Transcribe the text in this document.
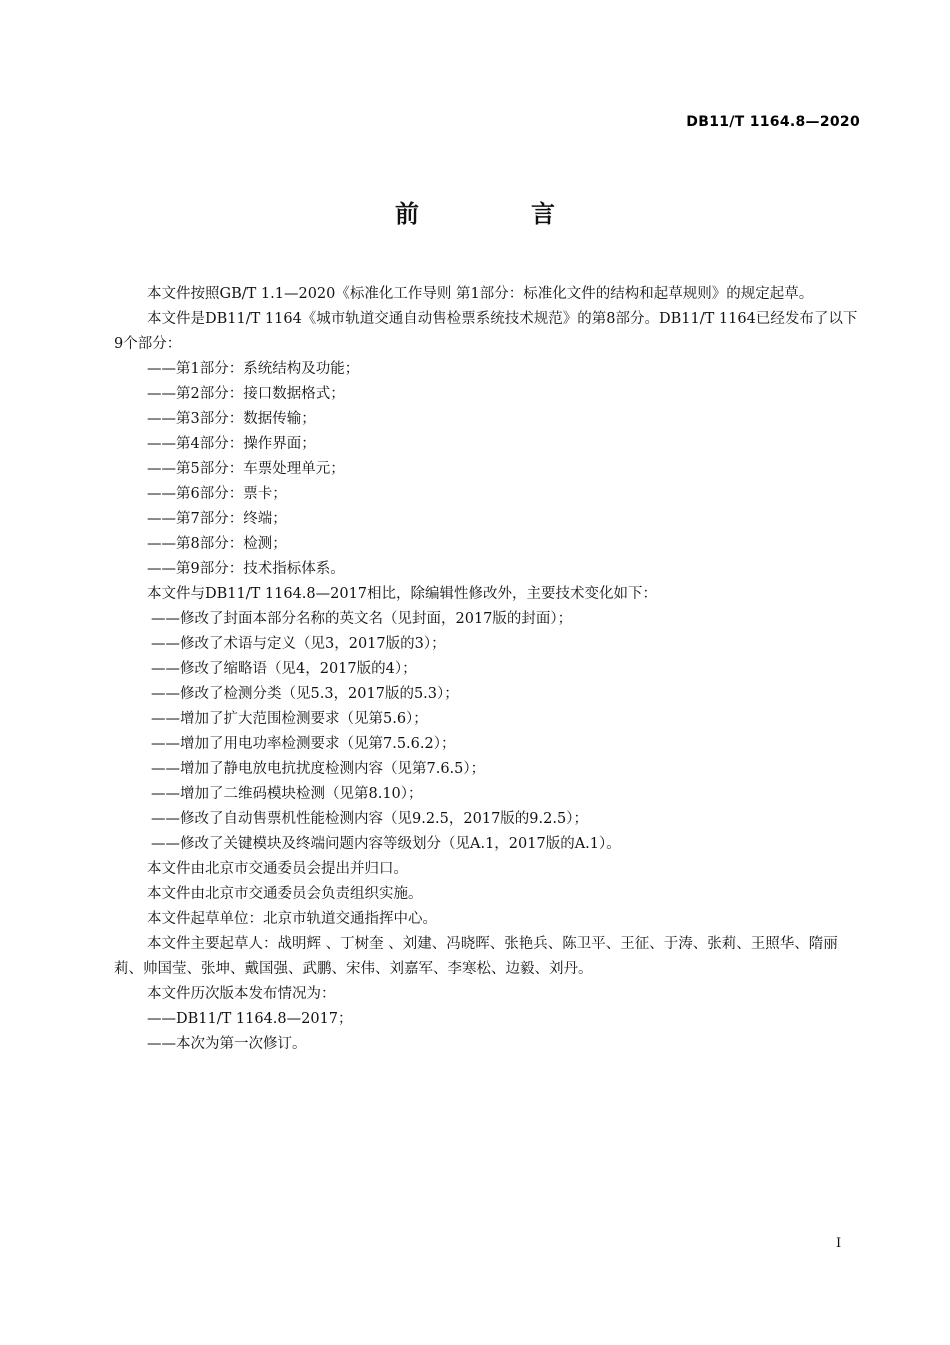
DB11/T 1164.8—2020
前　言

本文件按照GB/T 1.1—2020《标准化工作导则 第1部分：标准化文件的结构和起草规则》的规定起草。

本文件是DB11/T 1164《城市轨道交通自动售检票系统技术规范》的第8部分。DB11/T 1164已经发布了以下9个部分：

——第1部分：系统结构及功能；

——第2部分：接口数据格式；

——第3部分：数据传输；

——第4部分：操作界面；

——第5部分：车票处理单元；

——第6部分：票卡；

——第7部分：终端；

——第8部分：检测；

——第9部分：技术指标体系。

本文件与DB11/T 1164.8—2017相比，除编辑性修改外，主要技术变化如下：

——修改了封面本部分名称的英文名（见封面，2017版的封面）；

——修改了术语与定义（见3，2017版的3）；

——修改了缩略语（见4，2017版的4）；

——修改了检测分类（见5.3，2017版的5.3）；

——增加了扩大范围检测要求（见第5.6）；

——增加了用电功率检测要求（见第7.5.6.2）；

——增加了静电放电抗扰度检测内容（见第7.6.5）；

——增加了二维码模块检测（见第8.10）；

——修改了自动售票机性能检测内容（见9.2.5，2017版的9.2.5）；

——修改了关键模块及终端问题内容等级划分（见A.1，2017版的A.1）。

本文件由北京市交通委员会提出并归口。

本文件由北京市交通委员会负责组织实施。

本文件起草单位：北京市轨道交通指挥中心。

本文件主要起草人：战明辉 、丁树奎 、刘建、冯晓晖、张艳兵、陈卫平、王征、于涛、张莉、王照华、隋丽莉、帅国莹、张坤、戴国强、武鹏、宋伟、刘嘉军、李寒松、边毅、刘丹。

本文件历次版本发布情况为：

——DB11/T 1164.8—2017；

——本次为第一次修订。

I
